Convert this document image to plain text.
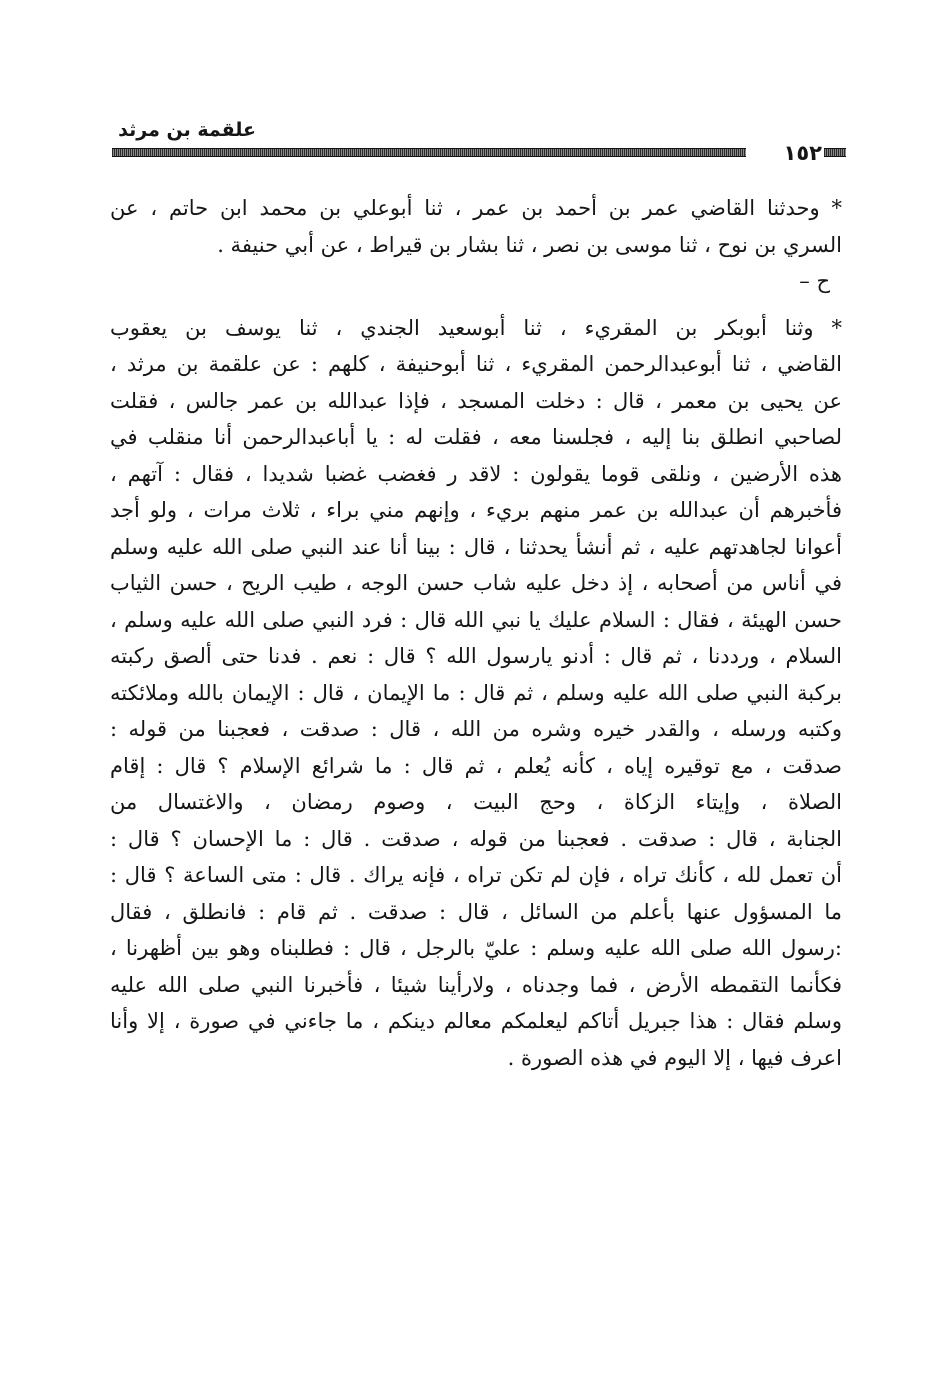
علقمة بن مرثد
١٥٢
* وحدثنا القاضي عمر بن أحمد بن عمر ، ثنا أبوعلي بن محمد ابن حاتم ، عن
السري بن نوح ، ثنا موسى بن نصر ، ثنا بشار بن قيراط ، عن أبي حنيفة .
ح –
* وثنا أبوبكر بن المقريء ، ثنا أبوسعيد الجندي ، ثنا يوسف بن يعقوب
القاضي ، ثنا أبوعبدالرحمن المقريء ، ثنا أبوحنيفة ، كلهم : عن علقمة بن مرثد ،
عن يحيى بن معمر ، قال : دخلت المسجد ، فإذا عبدالله بن عمر جالس ، فقلت
لصاحبي انطلق بنا إليه ، فجلسنا معه ، فقلت له : يا أباعبدالرحمن أنا منقلب في
هذه الأرضين ، ونلقى قوما يقولون : لاقد ر فغضب غضبا شديدا ، فقال : آتهم ،
فأخبرهم أن عبدالله بن عمر منهم بريء ، وإنهم مني براء ، ثلاث مرات ، ولو أجد
أعوانا لجاهدتهم عليه ، ثم أنشأ يحدثنا ، قال : بينا أنا عند النبي صلى الله عليه وسلم
في أناس من أصحابه ، إذ دخل عليه شاب حسن الوجه ، طيب الريح ، حسن الثياب
حسن الهيئة ، فقال : السلام عليك يا نبي الله قال : فرد النبي صلى الله عليه وسلم ،
السلام ، ورددنا ، ثم قال : أدنو يارسول الله ؟ قال : نعم . فدنا حتى ألصق ركبته
بركبة النبي صلى الله عليه وسلم ، ثم قال : ما الإيمان ، قال : الإيمان بالله وملائكته
وكتبه ورسله ، والقدر خيره وشره من الله ، قال : صدقت ، فعجبنا من قوله :
صدقت ، مع توقيره إياه ، كأنه يُعلم ، ثم قال : ما شرائع الإسلام ؟ قال : إقام
الصلاة ، وإيتاء الزكاة ، وحج البيت ، وصوم رمضان ، والاغتسال من
الجنابة ، قال : صدقت . فعجبنا من قوله ، صدقت . قال : ما الإحسان ؟ قال :
أن تعمل لله ، كأنك تراه ، فإن لم تكن تراه ، فإنه يراك . قال : متى الساعة ؟ قال :
ما المسؤول عنها بأعلم من السائل ، قال : صدقت . ثم قام : فانطلق ، فقال
:رسول الله صلى الله عليه وسلم : عليّ بالرجل ، قال : فطلبناه وهو بين أظهرنا ،
فكأنما التقمطه الأرض ، فما وجدناه ، ولارأينا شيئا ، فأخبرنا النبي صلى الله عليه
وسلم فقال : هذا جبريل أتاكم ليعلمكم معالم دينكم ، ما جاءني في صورة ، إلا وأنا
اعرف فيها ، إلا اليوم في هذه الصورة .
